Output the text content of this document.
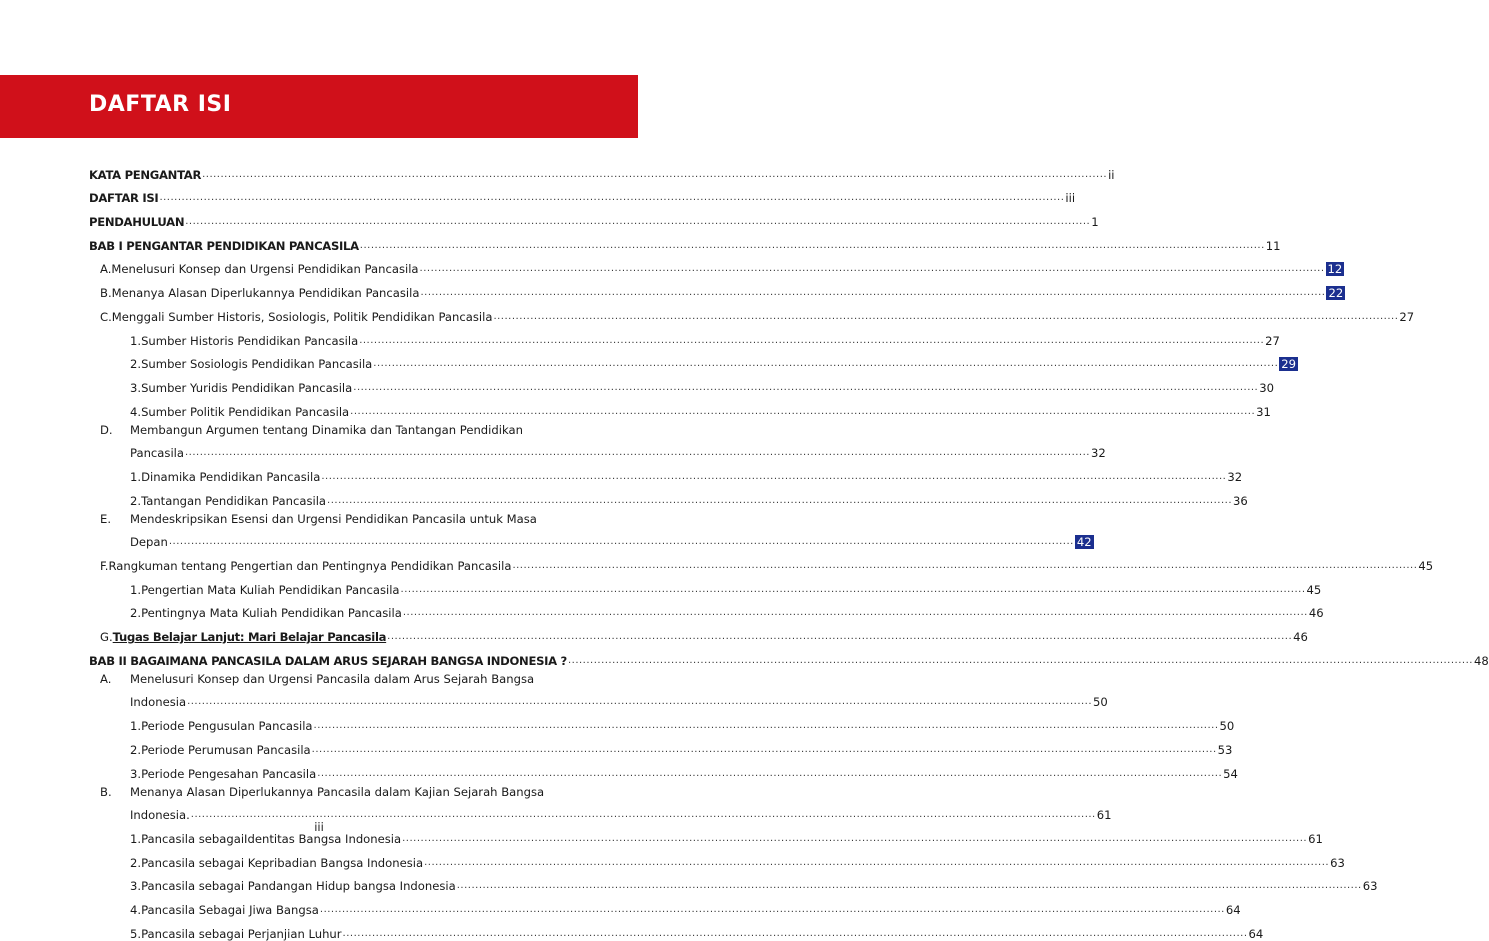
DAFTAR ISI
KATA PENGANTAR .....	ii
DAFTAR ISI .....	iii
PENDAHULUAN .....	1
BAB I PENGANTAR PENDIDIKAN PANCASILA .....	11
A. Menelusuri Konsep dan Urgensi Pendidikan Pancasila .....	12
B. Menanya Alasan Diperlukannya Pendidikan Pancasila .....	22
C. Menggali Sumber Historis, Sosiologis, Politik Pendidikan Pancasila .....	27
1. Sumber Historis Pendidikan Pancasila .....	27
2. Sumber Sosiologis Pendidikan Pancasila .....	29
3. Sumber Yuridis Pendidikan Pancasila .....	30
4. Sumber Politik Pendidikan Pancasila .....	31
D.	Membangun Argumen tentang Dinamika dan Tantangan Pendidikan
Pancasila .....	32
1. Dinamika Pendidikan Pancasila .....	32
2. Tantangan Pendidikan Pancasila .....	36
E.	Mendeskripsikan Esensi dan Urgensi Pendidikan Pancasila untuk Masa
Depan .....	42
F. Rangkuman tentang Pengertian dan Pentingnya Pendidikan Pancasila .....	45
1. Pengertian Mata Kuliah Pendidikan Pancasila .....	45
2. Pentingnya Mata Kuliah Pendidikan Pancasila .....	46
G. Tugas Belajar Lanjut: Mari Belajar Pancasila .....	46
BAB II BAGAIMANA PANCASILA DALAM ARUS SEJARAH BANGSA INDONESIA ? .....	48
A.	Menelusuri Konsep dan Urgensi Pancasila dalam Arus Sejarah Bangsa
Indonesia .....	50
1. Periode Pengusulan Pancasila .....	50
2. Periode Perumusan Pancasila .....	53
3. Periode Pengesahan Pancasila .....	54
B.	Menanya Alasan Diperlukannya Pancasila dalam Kajian Sejarah Bangsa
Indonesia. .....	61
1. Pancasila sebagaiIdentitas Bangsa Indonesia .....	61
2. Pancasila sebagai Kepribadian Bangsa Indonesia .....	63
3. Pancasila sebagai Pandangan Hidup bangsa Indonesia .....	63
4. Pancasila Sebagai Jiwa Bangsa .....	64
5. Pancasila sebagai Perjanjian Luhur .....	64
iii
